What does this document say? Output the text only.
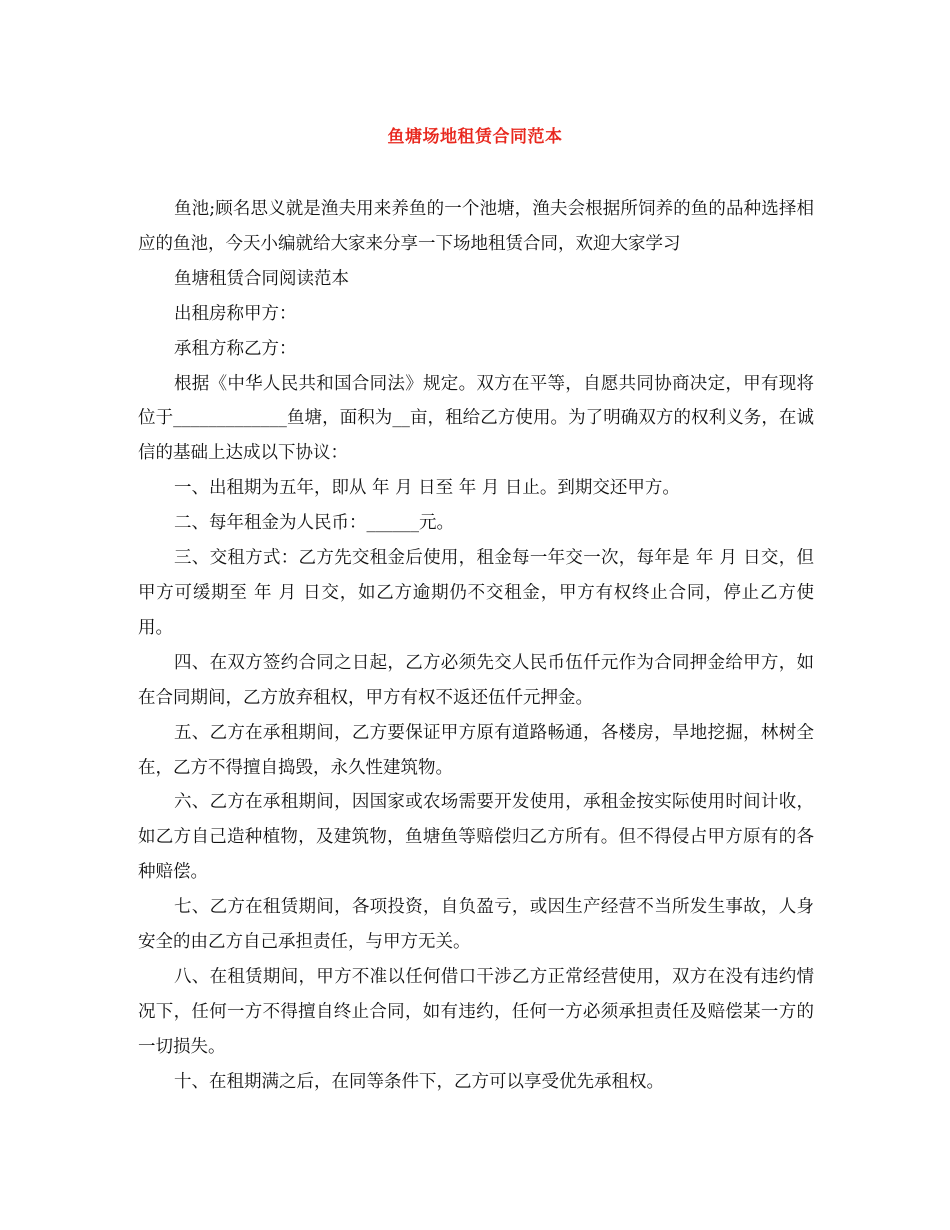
鱼塘场地租赁合同范本

鱼池;顾名思义就是渔夫用来养鱼的一个池塘，渔夫会根据所饲养的鱼的品种选择相应的鱼池，今天小编就给大家来分享一下场地租赁合同，欢迎大家学习

鱼塘租赁合同阅读范本

出租房称甲方：

承租方称乙方：

根据《中华人民共和国合同法》规定。双方在平等，自愿共同协商决定，甲有现将位于_____________鱼塘，面积为__亩，租给乙方使用。为了明确双方的权利义务，在诚信的基础上达成以下协议：

一、出租期为五年，即从 年 月 日至 年 月 日止。到期交还甲方。

二、每年租金为人民币：______元。

三、交租方式：乙方先交租金后使用，租金每一年交一次，每年是 年 月 日交，但甲方可缓期至 年 月 日交，如乙方逾期仍不交租金，甲方有权终止合同，停止乙方使用。

四、在双方签约合同之日起，乙方必须先交人民币伍仟元作为合同押金给甲方，如在合同期间，乙方放弃租权，甲方有权不返还伍仟元押金。

五、乙方在承租期间，乙方要保证甲方原有道路畅通，各楼房，旱地挖掘，林树全在，乙方不得擅自捣毁，永久性建筑物。

六、乙方在承租期间，因国家或农场需要开发使用，承租金按实际使用时间计收，如乙方自己造种植物，及建筑物，鱼塘鱼等赔偿归乙方所有。但不得侵占甲方原有的各种赔偿。

七、乙方在租赁期间，各项投资，自负盈亏，或因生产经营不当所发生事故，人身安全的由乙方自己承担责任，与甲方无关。

八、在租赁期间，甲方不准以任何借口干涉乙方正常经营使用，双方在没有违约情况下，任何一方不得擅自终止合同，如有违约，任何一方必须承担责任及赔偿某一方的一切损失。

十、在租期满之后，在同等条件下，乙方可以享受优先承租权。
